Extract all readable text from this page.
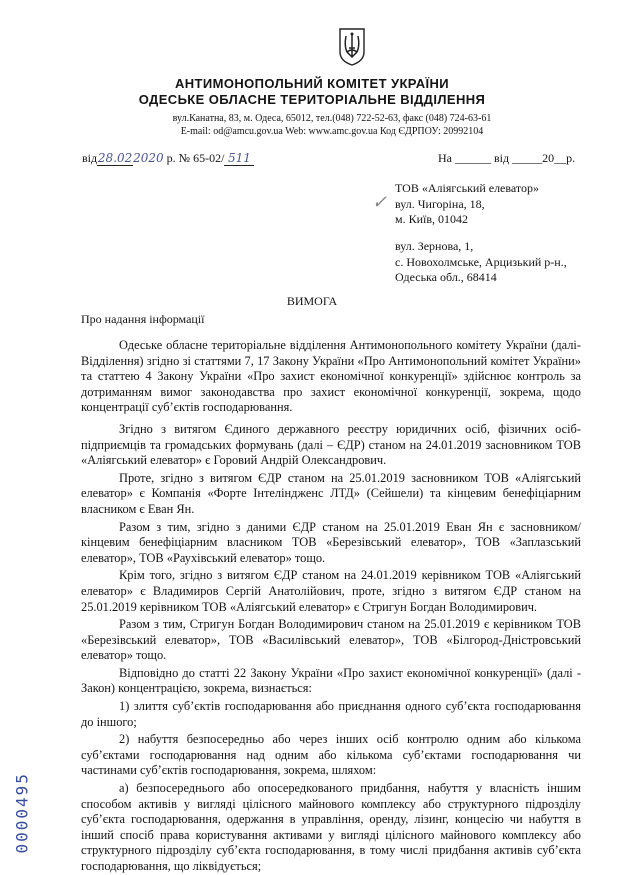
АНТИМОНОПОЛЬНИЙ КОМІТЕТ УКРАЇНИ
ОДЕСЬКЕ ОБЛАСНЕ ТЕРИТОРІАЛЬНЕ ВІДДІЛЕННЯ
вул.Канатна, 83, м. Одеса, 65012, тел.(048) 722-52-63, факс (048) 724-63-61
E-mail: od@amcu.gov.ua Web: www.amc.gov.ua Код ЄДРПОУ: 20992104
від28.022020 р. № 65-02/ 511	На ______ від _____20__р.
✓
ТОВ «Аліягський елеватор»
вул. Чигоріна, 18,
м. Київ, 01042
вул. Зернова, 1,
с. Новохолмське, Арцизький р-н.,
Одеська обл., 68414
ВИМОГА
Про надання інформації
Одеське обласне територіальне відділення Антимонопольного комітету України (далі- Відділення) згідно зі статтями 7, 17 Закону України «Про Антимонопольний комітет України» та статтею 4 Закону України «Про захист економічної конкуренції» здійснює контроль за дотриманням вимог законодавства про захист економічної конкуренції, зокрема, щодо концентрації суб’єктів господарювання.
Згідно з витягом Єдиного державного реєстру юридичних осіб, фізичних осіб-підприємців та громадських формувань (далі – ЄДР) станом на 24.01.2019 засновником ТОВ «Аліягський елеватор» є Горовий Андрій Олександрович.
Проте, згідно з витягом ЄДР станом на 25.01.2019 засновником ТОВ «Аліягський елеватор» є Компанія «Форте Інтеліндженс ЛТД» (Сейшели) та кінцевим бенефіціарним власником є Еван Ян.
Разом з тим, згідно з даними ЄДР станом на 25.01.2019 Еван Ян є засновником/кінцевим бенефіціарним власником ТОВ «Березівський елеватор», ТОВ «Заплазський елеватор», ТОВ «Раухівський елеватор» тощо.
Крім того, згідно з витягом ЄДР станом на 24.01.2019 керівником ТОВ «Аліягський елеватор» є Владимиров Сергій Анатолійович, проте, згідно з витягом ЄДР станом на 25.01.2019 керівником ТОВ «Аліягський елеватор» є Стригун Богдан Володимирович.
Разом з тим, Стригун Богдан Володимирович станом на 25.01.2019 є керівником ТОВ «Березівський елеватор», ТОВ «Василівський елеватор», ТОВ «Білгород-Дністровський елеватор» тощо.
Відповідно до статті 22 Закону України «Про захист економічної конкуренції» (далі - Закон) концентрацією, зокрема, визнається:
1) злиття суб’єктів господарювання або приєднання одного суб’єкта господарювання до іншого;
2) набуття безпосередньо або через інших осіб контролю одним або кількома суб’єктами господарювання над одним або кількома суб’єктами господарювання чи частинами суб’єктів господарювання, зокрема, шляхом:
а) безпосереднього або опосередкованого придбання, набуття у власність іншим способом активів у вигляді цілісного майнового комплексу або структурного підрозділу суб’єкта господарювання, одержання в управління, оренду, лізинг, концесію чи набуття в інший спосіб права користування активами у вигляді цілісного майнового комплексу або структурного підрозділу суб’єкта господарювання, в тому числі придбання активів суб’єкта господарювання, що ліквідується;
0000495
